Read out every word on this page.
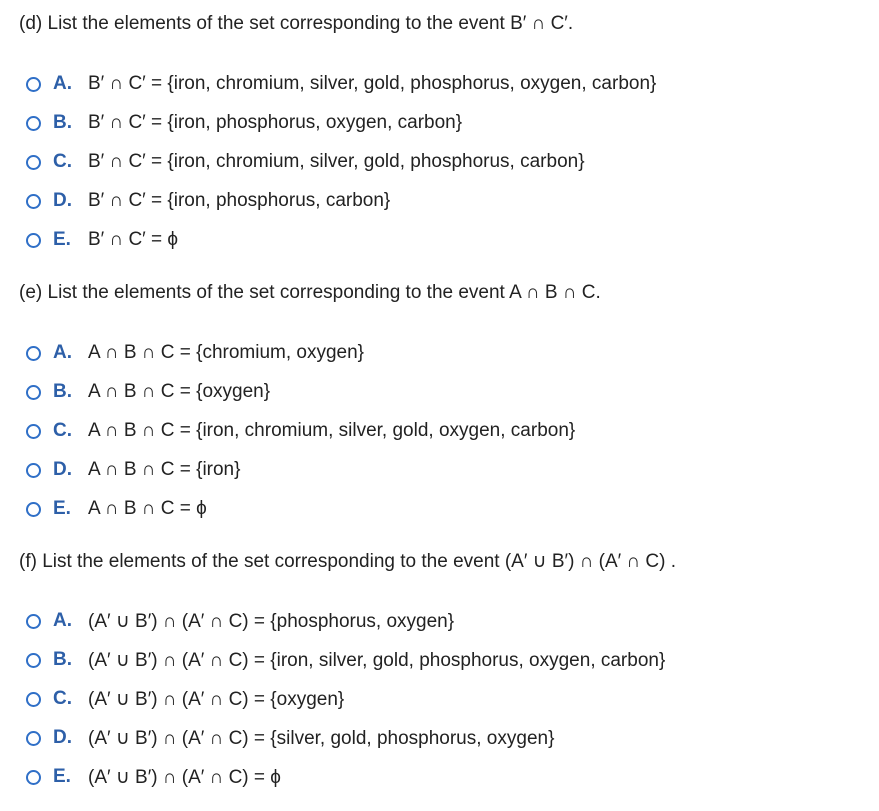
(d) List the elements of the set corresponding to the event B′ ∩ C′.
A. B′ ∩ C′ = {iron, chromium, silver, gold, phosphorus, oxygen, carbon}
B. B′ ∩ C′ = {iron, phosphorus, oxygen, carbon}
C. B′ ∩ C′ = {iron, chromium, silver, gold, phosphorus, carbon}
D. B′ ∩ C′ = {iron, phosphorus, carbon}
E. B′ ∩ C′ = ϕ
(e) List the elements of the set corresponding to the event A ∩ B ∩ C.
A. A ∩ B ∩ C = {chromium, oxygen}
B. A ∩ B ∩ C = {oxygen}
C. A ∩ B ∩ C = {iron, chromium, silver, gold, oxygen, carbon}
D. A ∩ B ∩ C = {iron}
E. A ∩ B ∩ C = ϕ
(f) List the elements of the set corresponding to the event (A′ ∪ B′) ∩ (A′ ∩ C) .
A. (A′ ∪ B′) ∩ (A′ ∩ C) = {phosphorus, oxygen}
B. (A′ ∪ B′) ∩ (A′ ∩ C) = {iron, silver, gold, phosphorus, oxygen, carbon}
C. (A′ ∪ B′) ∩ (A′ ∩ C) = {oxygen}
D. (A′ ∪ B′) ∩ (A′ ∩ C) = {silver, gold, phosphorus, oxygen}
E. (A′ ∪ B′) ∩ (A′ ∩ C) = ϕ
